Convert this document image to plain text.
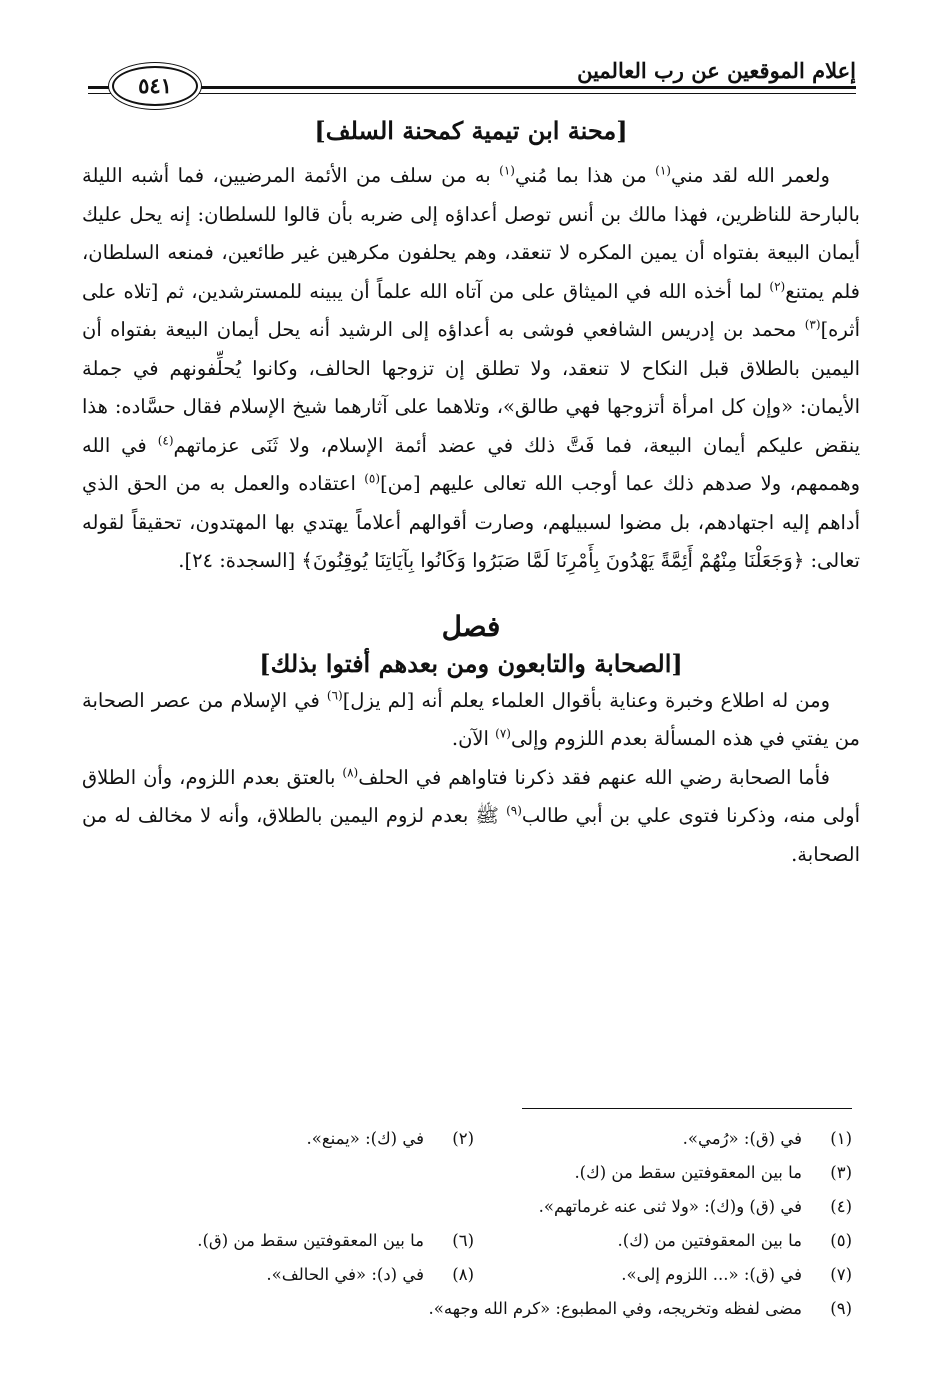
إعلام الموقعين عن رب العالمين
٥٤١
[محنة ابن تيمية كمحنة السلف]

ولعمر الله لقد مني$^{(١)}$ من هذا بما مُني$^{(١)}$ به من سلف من الأئمة المرضيين، فما أشبه الليلة بالبارحة للناظرين، فهذا مالك بن أنس توصل أعداؤه إلى ضربه بأن قالوا للسلطان: إنه يحل عليك أيمان البيعة بفتواه أن يمين المكره لا تنعقد، وهم يحلفون مكرهين غير طائعين، فمنعه السلطان، فلم يمتنع$^{(٢)}$ لما أخذه الله في الميثاق على من آتاه الله علماً أن يبينه للمسترشدين، ثم [تلاه على أثره]$^{(٣)}$ محمد بن إدريس الشافعي فوشى به أعداؤه إلى الرشيد أنه يحل أيمان البيعة بفتواه أن اليمين بالطلاق قبل النكاح لا تنعقد، ولا تطلق إن تزوجها الحالف، وكانوا يُحلِّفونهم في جملة الأيمان: «وإن كل امرأة أتزوجها فهي طالق»، وتلاهما على آثارهما شيخ الإسلام فقال حسَّاده: هذا ينقض عليكم أيمان البيعة، فما فَتَّ ذلك في عضد أئمة الإسلام، ولا ثَنَى عزماتهم$^{(٤)}$ في الله وهممهم، ولا صدهم ذلك عما أوجب الله تعالى عليهم [من]$^{(٥)}$ اعتقاده والعمل به من الحق الذي أداهم إليه اجتهادهم، بل مضوا لسبيلهم، وصارت أقوالهم أعلاماً يهتدي بها المهتدون، تحقيقاً لقوله تعالى: ﴿وَجَعَلْنَا مِنْهُمْ أَئِمَّةً يَهْدُونَ بِأَمْرِنَا لَمَّا صَبَرُوا وَكَانُوا بِآيَاتِنَا يُوقِنُونَ﴾ [السجدة: ٢٤].

فصل
[الصحابة والتابعون ومن بعدهم أفتوا بذلك]

ومن له اطلاع وخبرة وعناية بأقوال العلماء يعلم أنه [لم يزل]$^{(٦)}$ في الإسلام من عصر الصحابة من يفتي في هذه المسألة بعدم اللزوم وإلى$^{(٧)}$ الآن.

فأما الصحابة رضي الله عنهم فقد ذكرنا فتاواهم في الحلف$^{(٨)}$ بالعتق بعدم اللزوم، وأن الطلاق أولى منه، وذكرنا فتوى علي بن أبي طالب$^{(٩)}$ ﷺ بعدم لزوم اليمين بالطلاق، وأنه لا مخالف له من الصحابة.

(١)
في (ق): «رُمي».
(٢)
في (ك): «يمنع».
(٣)
ما بين المعقوفتين سقط من (ك).
(٤)
في (ق) و(ك): «ولا ثنى عنه غرماتهم».
(٥)
ما بين المعقوفتين من (ك).
(٦)
ما بين المعقوفتين سقط من (ق).
(٧)
في (ق): «... اللزوم إلى».
(٨)
في (د): «في الحالف».
(٩)
مضى لفظه وتخريجه، وفي المطبوع: «كرم الله وجهه».
